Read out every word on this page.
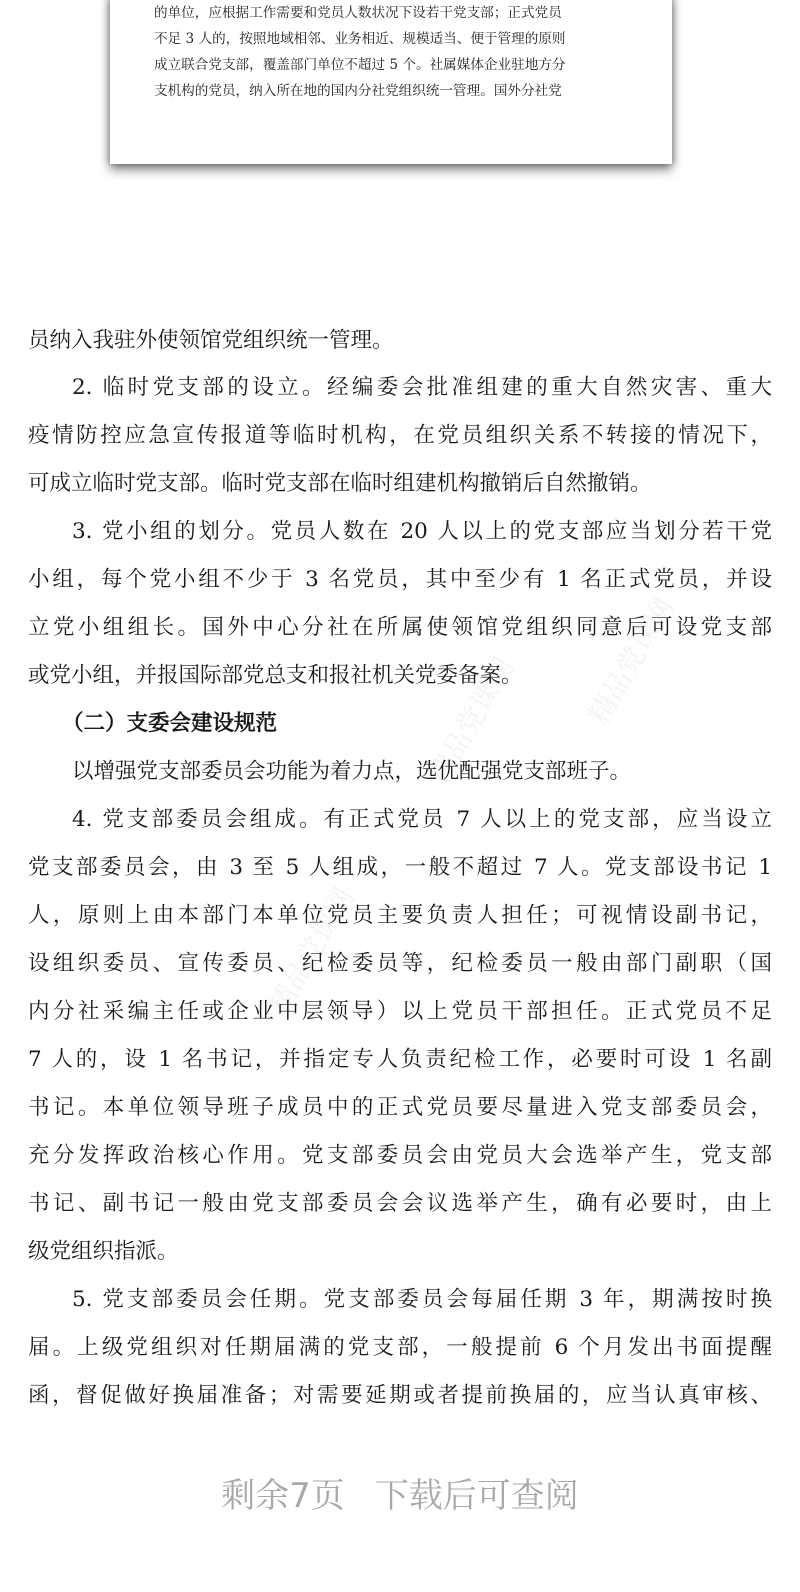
的单位，应根据工作需要和党员人数状况下设若干党支部；正式党员
不足 3 人的，按照地域相邻、业务相近、规模适当、便于管理的原则
成立联合党支部，覆盖部门单位不超过 5 个。社属媒体企业驻地方分
支机构的党员，纳入所在地的国内分社党组织统一管理。国外分社党
精品党课网
精品党课网
精品党课网
员纳入我驻外使领馆党组织统一管理。
2. 临时党支部的设立。经编委会批准组建的重大自然灾害、重大
疫情防控应急宣传报道等临时机构，在党员组织关系不转接的情况下，
可成立临时党支部。临时党支部在临时组建机构撤销后自然撤销。
3. 党小组的划分。党员人数在 20 人以上的党支部应当划分若干党
小组，每个党小组不少于 3 名党员，其中至少有 1 名正式党员，并设
立党小组组长。国外中心分社在所属使领馆党组织同意后可设党支部
或党小组，并报国际部党总支和报社机关党委备案。
（二）支委会建设规范
以增强党支部委员会功能为着力点，选优配强党支部班子。
4. 党支部委员会组成。有正式党员 7 人以上的党支部，应当设立
党支部委员会，由 3 至 5 人组成，一般不超过 7 人。党支部设书记 1
人，原则上由本部门本单位党员主要负责人担任；可视情设副书记，
设组织委员、宣传委员、纪检委员等，纪检委员一般由部门副职（国
内分社采编主任或企业中层领导）以上党员干部担任。正式党员不足
7 人的，设 1 名书记，并指定专人负责纪检工作，必要时可设 1 名副
书记。本单位领导班子成员中的正式党员要尽量进入党支部委员会，
充分发挥政治核心作用。党支部委员会由党员大会选举产生，党支部
书记、副书记一般由党支部委员会会议选举产生，确有必要时，由上
级党组织指派。
5. 党支部委员会任期。党支部委员会每届任期 3 年，期满按时换
届。上级党组织对任期届满的党支部，一般提前 6 个月发出书面提醒
函，督促做好换届准备；对需要延期或者提前换届的，应当认真审核、
剩余7页 下载后可查阅
